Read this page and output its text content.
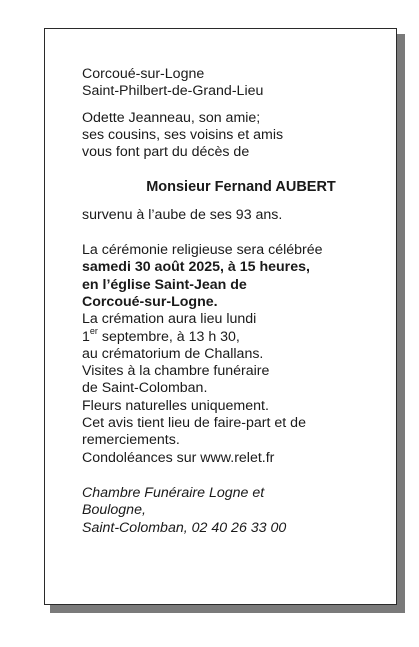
Corcoué-sur-Logne

Saint-Philbert-de-Grand-Lieu

Odette Jeanneau, son amie;

ses cousins, ses voisins et amis

vous font part du décès de

Monsieur Fernand AUBERT

survenu à l’aube de ses 93 ans.

La cérémonie religieuse sera célébrée

samedi 30 août 2025, à 15 heures,

en l’église Saint-Jean de

Corcoué-sur-Logne.

La crémation aura lieu lundi

1er septembre, à 13 h 30,

au crématorium de Challans.

Visites à la chambre funéraire

de Saint-Colomban.

Fleurs naturelles uniquement.

Cet avis tient lieu de faire-part et de

remerciements.

Condoléances sur www.relet.fr

Chambre Funéraire Logne et

Boulogne,

Saint-Colomban, 02 40 26 33 00
